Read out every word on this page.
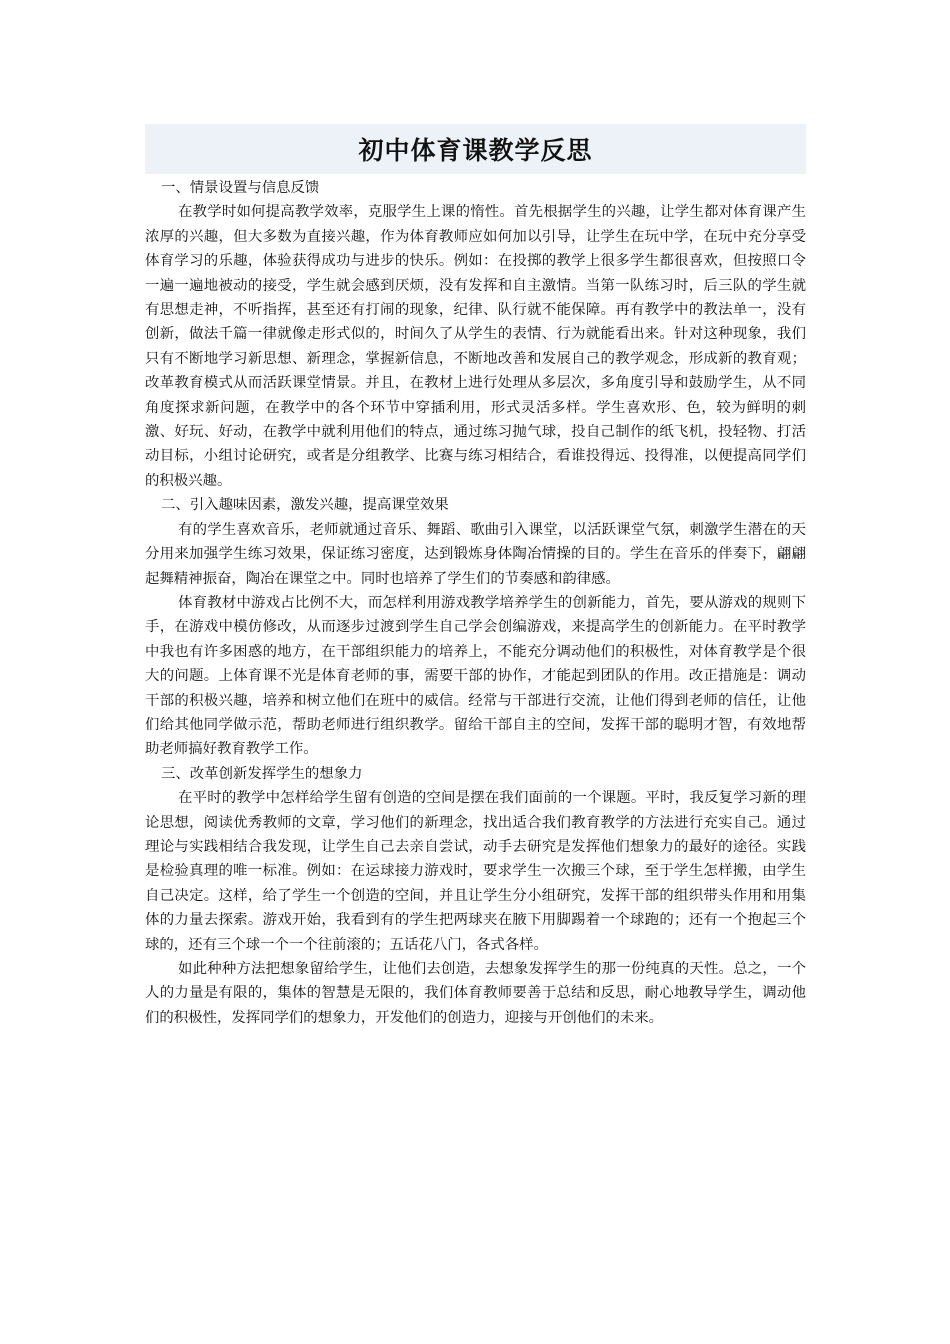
初中体育课教学反思

一、情景设置与信息反馈

在教学时如何提高教学效率，克服学生上课的惰性。首先根据学生的兴趣，让学生都对体育课产生浓厚的兴趣，但大多数为直接兴趣，作为体育教师应如何加以引导，让学生在玩中学，在玩中充分享受体育学习的乐趣，体验获得成功与进步的快乐。例如：在投掷的教学上很多学生都很喜欢，但按照口令一遍一遍地被动的接受，学生就会感到厌烦，没有发挥和自主激情。当第一队练习时，后三队的学生就有思想走神，不听指挥，甚至还有打闹的现象，纪律、队行就不能保障。再有教学中的教法单一，没有创新，做法千篇一律就像走形式似的，时间久了从学生的表情、行为就能看出来。针对这种现象，我们只有不断地学习新思想、新理念，掌握新信息，不断地改善和发展自己的教学观念，形成新的教育观；改革教育模式从而活跃课堂情景。并且，在教材上进行处理从多层次，多角度引导和鼓励学生，从不同角度探求新问题，在教学中的各个环节中穿插利用，形式灵活多样。学生喜欢形、色，较为鲜明的刺激、好玩、好动，在教学中就利用他们的特点，通过练习抛气球，投自己制作的纸飞机，投轻物、打活动目标，小组讨论研究，或者是分组教学、比赛与练习相结合，看谁投得远、投得准，以便提高同学们的积极兴趣。

二、引入趣味因素，激发兴趣，提高课堂效果

有的学生喜欢音乐，老师就通过音乐、舞蹈、歌曲引入课堂，以活跃课堂气氛，刺激学生潜在的天分用来加强学生练习效果，保证练习密度，达到锻炼身体陶冶情操的目的。学生在音乐的伴奏下，翩翩起舞精神振奋，陶冶在课堂之中。同时也培养了学生们的节奏感和韵律感。

体育教材中游戏占比例不大，而怎样利用游戏教学培养学生的创新能力，首先，要从游戏的规则下手，在游戏中模仿修改，从而逐步过渡到学生自己学会创编游戏，来提高学生的创新能力。在平时教学中我也有许多困惑的地方，在干部组织能力的培养上，不能充分调动他们的积极性，对体育教学是个很大的问题。上体育课不光是体育老师的事，需要干部的协作，才能起到团队的作用。改正措施是：调动干部的积极兴趣，培养和树立他们在班中的威信。经常与干部进行交流，让他们得到老师的信任，让他们给其他同学做示范，帮助老师进行组织教学。留给干部自主的空间，发挥干部的聪明才智，有效地帮助老师搞好教育教学工作。

三、改革创新发挥学生的想象力

在平时的教学中怎样给学生留有创造的空间是摆在我们面前的一个课题。平时，我反复学习新的理论思想，阅读优秀教师的文章，学习他们的新理念，找出适合我们教育教学的方法进行充实自己。通过理论与实践相结合我发现，让学生自己去亲自尝试，动手去研究是发挥他们想象力的最好的途径。实践是检验真理的唯一标准。例如：在运球接力游戏时，要求学生一次搬三个球，至于学生怎样搬，由学生自己决定。这样，给了学生一个创造的空间，并且让学生分小组研究，发挥干部的组织带头作用和用集体的力量去探索。游戏开始，我看到有的学生把两球夹在腋下用脚踢着一个球跑的；还有一个抱起三个球的，还有三个球一个一个往前滚的；五话花八门，各式各样。

如此种种方法把想象留给学生，让他们去创造，去想象发挥学生的那一份纯真的天性。总之，一个人的力量是有限的，集体的智慧是无限的，我们体育教师要善于总结和反思，耐心地教导学生，调动他们的积极性，发挥同学们的想象力，开发他们的创造力，迎接与开创他们的未来。
